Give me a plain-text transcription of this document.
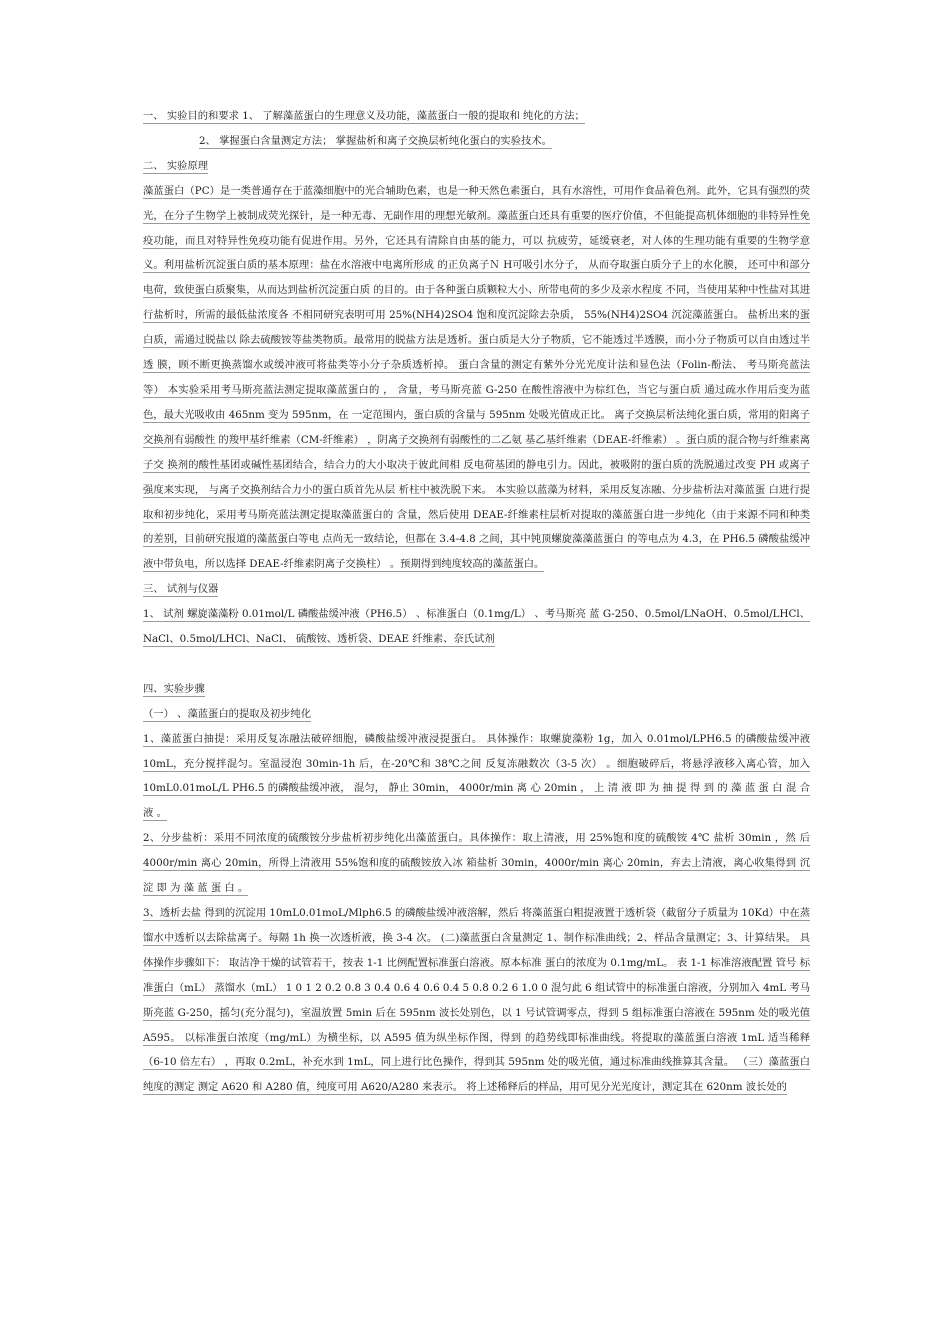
一、 实验目的和要求 1、 了解藻蓝蛋白的生理意义及功能，藻蓝蛋白一般的提取和 纯化的方法；
2、 掌握蛋白含量测定方法； 掌握盐析和离子交换层析纯化蛋白的实验技术。
二、 实验原理
藻蓝蛋白（PC）是一类普通存在于蓝藻细胞中的光合辅助色素，也是一种天然色素蛋白，具有水溶性，可用作食品着色剂。此外，它具有强烈的荧光，在分子生物学上被制成荧光探针，是一种无毒、无副作用的理想光敏剂。藻蓝蛋白还具有重要的医疗价值，不但能提高机体细胞的非特异性免疫功能，而且对特异性免疫功能有促进作用。另外，它还具有清除自由基的能力，可以 抗疲劳，延缓衰老，对人体的生理功能有重要的生物学意义。利用盐析沉淀蛋白质的基本原理：盐在水溶液中电离所形成 的正负离子Ｎ H可吸引水分子， 从而夺取蛋白质分子上的水化膜， 还可中和部分电荷，致使蛋白质聚集，从而达到盐析沉淀蛋白质 的目的。由于各种蛋白质颗粒大小、所带电荷的多少及亲水程度 不同，当使用某种中性盐对其进行盐析时，所需的最低盐浓度各 不相同研究表明可用 25%(NH4)2SO4 饱和度沉淀除去杂质， 55%(NH4)2SO4 沉淀藻蓝蛋白。 盐析出来的蛋白质，需通过脱盐以 除去硫酸铵等盐类物质。最常用的脱盐方法是透析。蛋白质是大分子物质，它不能透过半透膜，而小分子物质可以自由透过半透 膜，顾不断更换蒸馏水或缓冲液可将盐类等小分子杂质透析掉。 蛋白含量的测定有紫外分光光度计法和显色法（Folin-酚法、 考马斯亮蓝法等） 本实验采用考马斯亮蓝法测定提取藻蓝蛋白的 ， 含量，考马斯亮蓝 G-250 在酸性溶液中为棕红色，当它与蛋白质 通过疏水作用后变为蓝色，最大光吸收由 465nm 变为 595nm，在 一定范围内，蛋白质的含量与 595nm 处吸光值成正比。 离子交换层析法纯化蛋白质，常用的阳离子交换剂有弱酸性 的羧甲基纤维素（CM-纤维素） ，阴离子交换剂有弱酸性的二乙氨 基乙基纤维素（DEAE-纤维素） 。蛋白质的混合物与纤维素离子交 换剂的酸性基团或碱性基团结合，结合力的大小取决于彼此间相 反电荷基团的静电引力。因此，被吸附的蛋白质的洗脱通过改变 PH 或离子强度来实现， 与离子交换剂结合力小的蛋白质首先从层 析柱中被洗脱下来。 本实验以蓝藻为材料，采用反复冻融、分步盐析法对藻蓝蛋 白进行提取和初步纯化，采用考马斯亮蓝法测定提取藻蓝蛋白的 含量，然后使用 DEAE-纤维素柱层析对提取的藻蓝蛋白进一步纯化（由于来源不同和种类的差别，目前研究报道的藻蓝蛋白等电 点尚无一致结论，但都在 3.4-4.8 之间，其中钝顶螺旋藻藻蓝蛋白 的等电点为 4.3，在 PH6.5 磷酸盐缓冲液中带负电，所以选择 DEAE-纤维素阴离子交换柱） 。预期得到纯度较高的藻蓝蛋白。
三、 试剂与仪器
1、 试剂 螺旋藻藻粉 0.01mol/L 磷酸盐缓冲液（PH6.5） 、标准蛋白（0.1mg/L） 、考马斯亮 蓝 G-250、0.5mol/LNaOH、0.5mol/LHCl、NaCl、0.5mol/LHCl、NaCl、 硫酸铵、透析袋、DEAE 纤维素、奈氏试剂
四、实验步骤
（一） 、藻蓝蛋白的提取及初步纯化
1、藻蓝蛋白抽提：采用反复冻融法破碎细胞，磷酸盐缓冲液浸提蛋白。 具体操作：取螺旋藻粉 1g，加入 0.01mol/LPH6.5 的磷酸盐缓冲液 10mL，充分搅拌混匀。室温浸泡 30min-1h 后，在-20℃和 38℃之间 反复冻融数次（3-5 次） 。细胞破碎后，将悬浮液移入离心管，加入 10mL0.01moL/L PH6.5 的磷酸盐缓冲液， 混匀， 静止 30min， 4000r/min 离 心 20min ， 上 清 液 即 为 抽 提 得 到 的 藻 蓝 蛋 白 混 合 液 。
2、分步盐析：采用不同浓度的硫酸铵分步盐析初步纯化出藻蓝蛋白。具体操作：取上清液，用 25%饱和度的硫酸铵 4℃ 盐析 30min ，然 后 4000r/min 离心 20min，所得上清液用 55%饱和度的硫酸铵放入冰 箱盐析 30min，4000r/min 离心 20min，弃去上清液，离心收集得到 沉 淀 即 为 藻 蓝 蛋 白 。
3、透析去盐 得到的沉淀用 10mL0.01moL/Mlph6.5 的磷酸盐缓冲液溶解，然后 将藻蓝蛋白粗提液置于透析袋（截留分子质量为 10Kd）中在蒸馏水中透析以去除盐离子。每隔 1h 换一次透析液，换 3-4 次。 (二)藻蓝蛋白含量测定 1、制作标准曲线；2、样品含量测定；3、计算结果。 具体操作步骤如下： 取洁净干燥的试管若干，按表 1-1 比例配置标准蛋白溶液。原本标准 蛋白的浓度为 0.1mg/mL。 表 1-1 标准溶液配置 管号 标准蛋白（mL） 蒸馏水（mL） 1 0 1 2 0.2 0.8 3 0.4 0.6 4 0.6 0.4 5 0.8 0.2 6 1.0 0 混匀此 6 组试管中的标准蛋白溶液，分别加入 4mL 考马斯亮蓝 G-250，摇匀(充分混匀)，室温放置 5min 后在 595nm 波长处别色，以 1 号试管调零点，得到 5 组标准蛋白溶液在 595nm 处的吸光值 A595。 以标准蛋白浓度（mg/mL）为横坐标，以 A595 值为纵坐标作图，得到 的趋势线即标准曲线。将提取的藻蓝蛋白溶液 1mL 适当稀释（6-10 倍左右） ，再取 0.2mL，补充水到 1mL，同上进行比色操作，得到其 595nm 处的吸光值，通过标准曲线推算其含量。 （三）藻蓝蛋白纯度的测定 测定 A620 和 A280 值，纯度可用 A620/A280 来表示。 将上述稀释后的样品，用可见分光光度计，测定其在 620nm 波长处的
